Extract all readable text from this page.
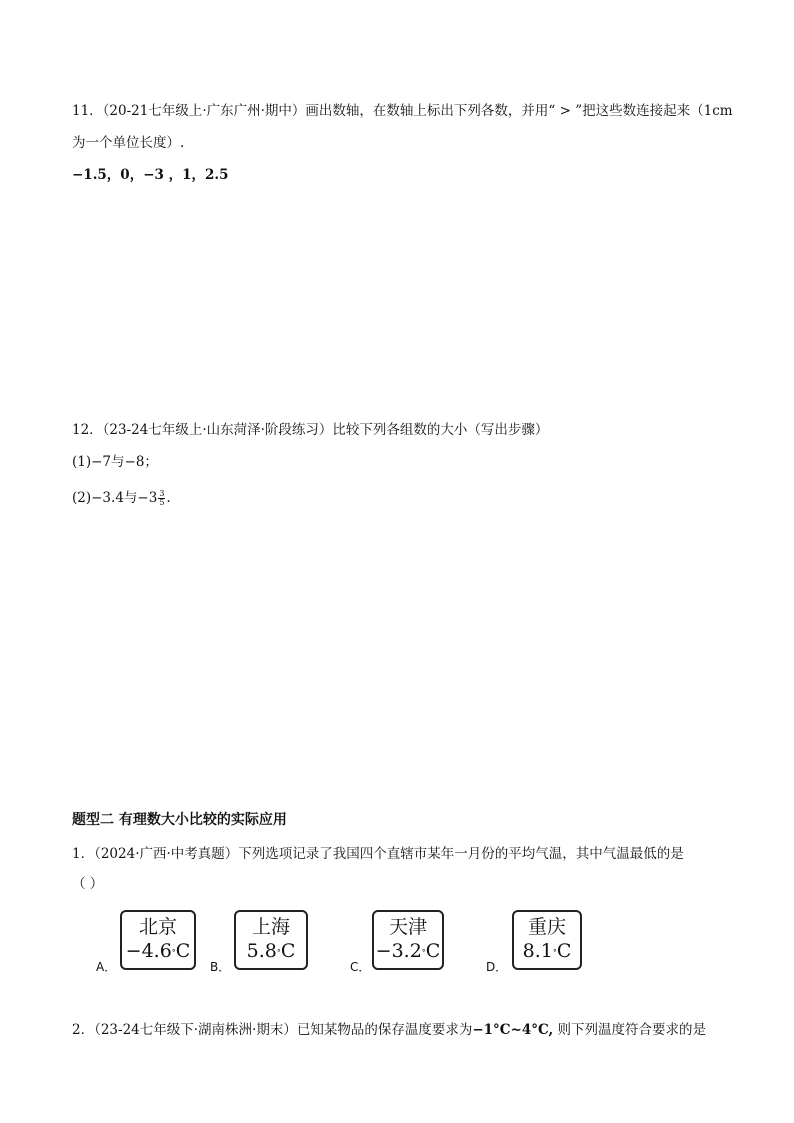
11．（20-21七年级上·广东广州·期中）画出数轴，在数轴上标出下列各数，并用“ > ”把这些数连接起来（1cm
为一个单位长度）.
−1.5，0，−3 ，1，2.5
12．（23-24七年级上·山东菏泽·阶段练习）比较下列各组数的大小（写出步骤）
(1)−7与−8；
(2)−3.4与$-3 \frac{3}{5}$ .
题型二 有理数大小比较的实际应用
1．（2024·广西·中考真题）下列选项记录了我国四个直辖市某年一月份的平均气温，其中气温最低的是
（ ）
A．
北京
−4.6°C
B．
上海
5.8°C
C．
天津
−3.2°C
D．
重庆
8.1°C
2．（23-24七年级下·湖南株洲·期末）已知某物品的保存温度要求为−1°C~4°C, 则下列温度符合要求的是
